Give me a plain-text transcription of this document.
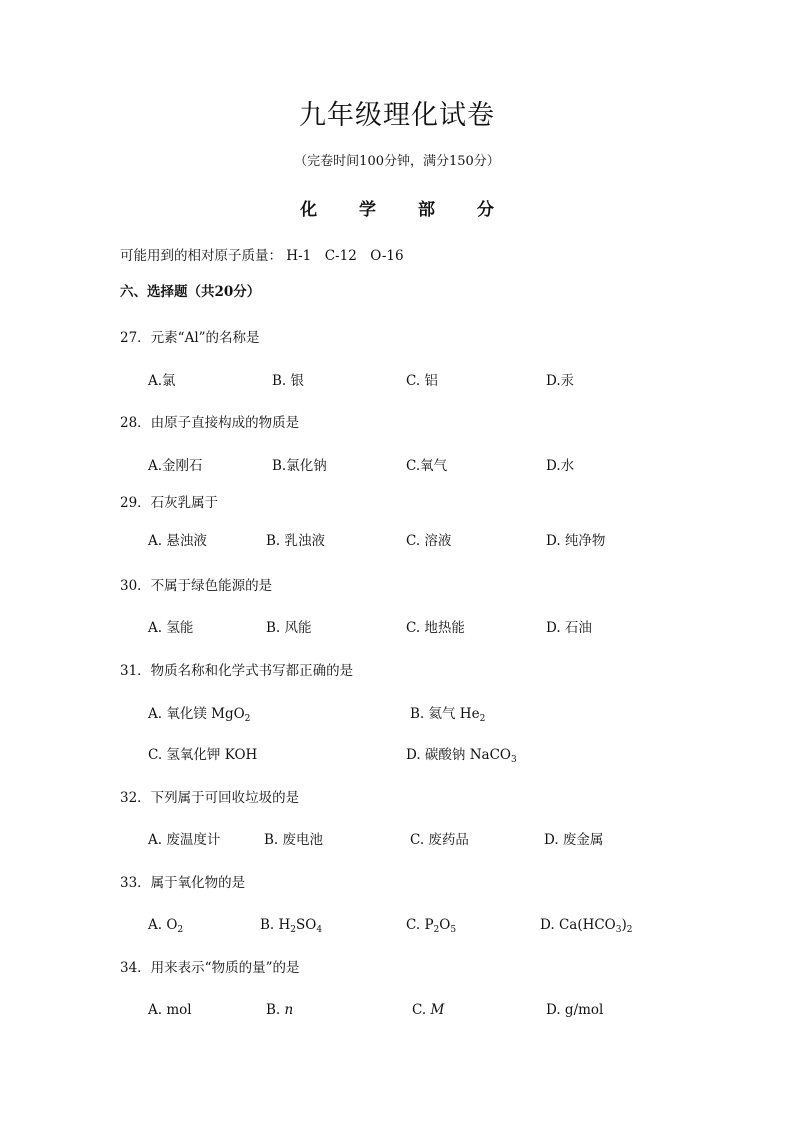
九年级理化试卷
（完卷时间100分钟，满分150分）
化 学 部 分
可能用到的相对原子质量： H-1　C-12　O-16
六、选择题（共20分）
27．元素“Al”的名称是
A.氯	B. 银	C. 铝	D.汞
28．由原子直接构成的物质是
A.金刚石	B.氯化钠	C.氧气	D.水
29．石灰乳属于
A. 悬浊液	B. 乳浊液	C. 溶液	D. 纯净物
30．不属于绿色能源的是
A. 氢能	B. 风能	C. 地热能	D. 石油
31．物质名称和化学式书写都正确的是
A. 氧化镁 MgO$_2$	B. 氦气 $He_2$
C. 氢氧化钾 KOH	D. 碳酸钠 NaCO$_3$
32．下列属于可回收垃圾的是
A. 废温度计	B. 废电池	C. 废药品	D. 废金属
33．属于氧化物的是
A. $O_2$	B. $H_2SO_4$	C. $P_2O_5$	D. $Ca(HCO_3)_2$
34．用来表示“物质的量”的是
A. mol	B. n	C. M	D. g/mol
